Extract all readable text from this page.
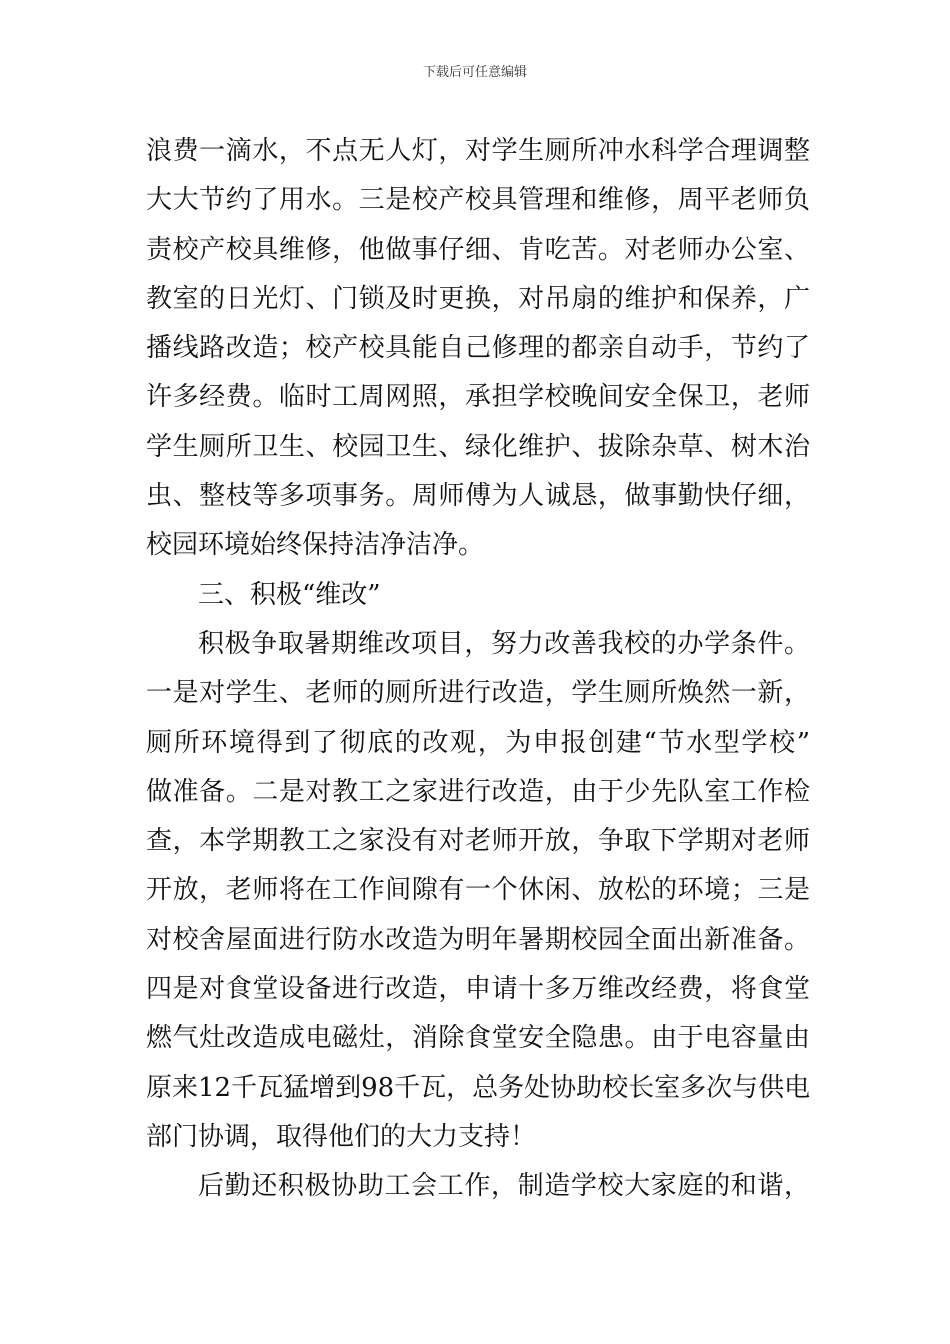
下载后可任意编辑
浪费一滴水，不点无人灯，对学生厕所冲水科学合理调整
大大节约了用水。三是校产校具管理和维修，周平老师负
责校产校具维修，他做事仔细、肯吃苦。对老师办公室、
教室的日光灯、门锁及时更换，对吊扇的维护和保养，广
播线路改造；校产校具能自己修理的都亲自动手，节约了
许多经费。临时工周网照，承担学校晚间安全保卫，老师
学生厕所卫生、校园卫生、绿化维护、拔除杂草、树木治
虫、整枝等多项事务。周师傅为人诚恳，做事勤快仔细，
校园环境始终保持洁净洁净。
三、积极“维改”
积极争取暑期维改项目，努力改善我校的办学条件。
一是对学生、老师的厕所进行改造，学生厕所焕然一新，
厕所环境得到了彻底的改观，为申报创建“节水型学校”
做准备。二是对教工之家进行改造，由于少先队室工作检
查，本学期教工之家没有对老师开放，争取下学期对老师
开放，老师将在工作间隙有一个休闲、放松的环境；三是
对校舍屋面进行防水改造为明年暑期校园全面出新准备。
四是对食堂设备进行改造，申请十多万维改经费，将食堂
燃气灶改造成电磁灶，消除食堂安全隐患。由于电容量由
原来12千瓦猛增到98千瓦，总务处协助校长室多次与供电
部门协调，取得他们的大力支持！
后勤还积极协助工会工作，制造学校大家庭的和谐，
